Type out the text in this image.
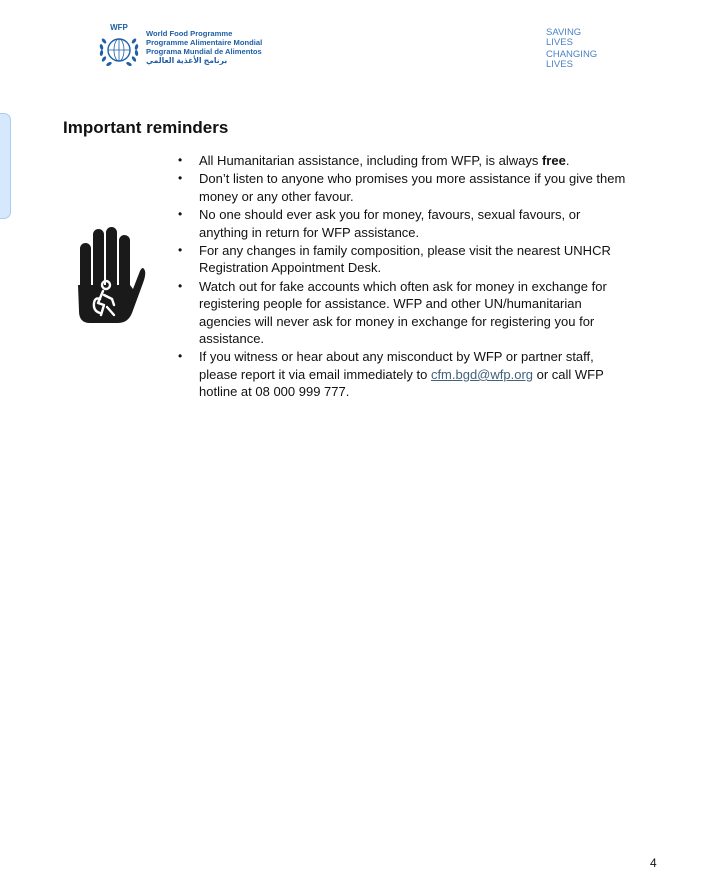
WFP
World Food Programme
Programme Alimentaire Mondial
Programa Mundial de Alimentos
برنامج الأغذية العالمي
SAVING
LIVES
CHANGING
LIVES
Important reminders
• All Humanitarian assistance, including from WFP, is always free.
• Don’t listen to anyone who promises you more assistance if you give them money or any other favour.
• No one should ever ask you for money, favours, sexual favours, or anything in return for WFP assistance.
• For any changes in family composition, please visit the nearest UNHCR Registration Appointment Desk.
• Watch out for fake accounts which often ask for money in exchange for registering people for assistance. WFP and other UN/humanitarian agencies will never ask for money in exchange for registering you for assistance.
• If you witness or hear about any misconduct by WFP or partner staff, please report it via email immediately to cfm.bgd@wfp.org or call WFP hotline at 08 000 999 777.
4
